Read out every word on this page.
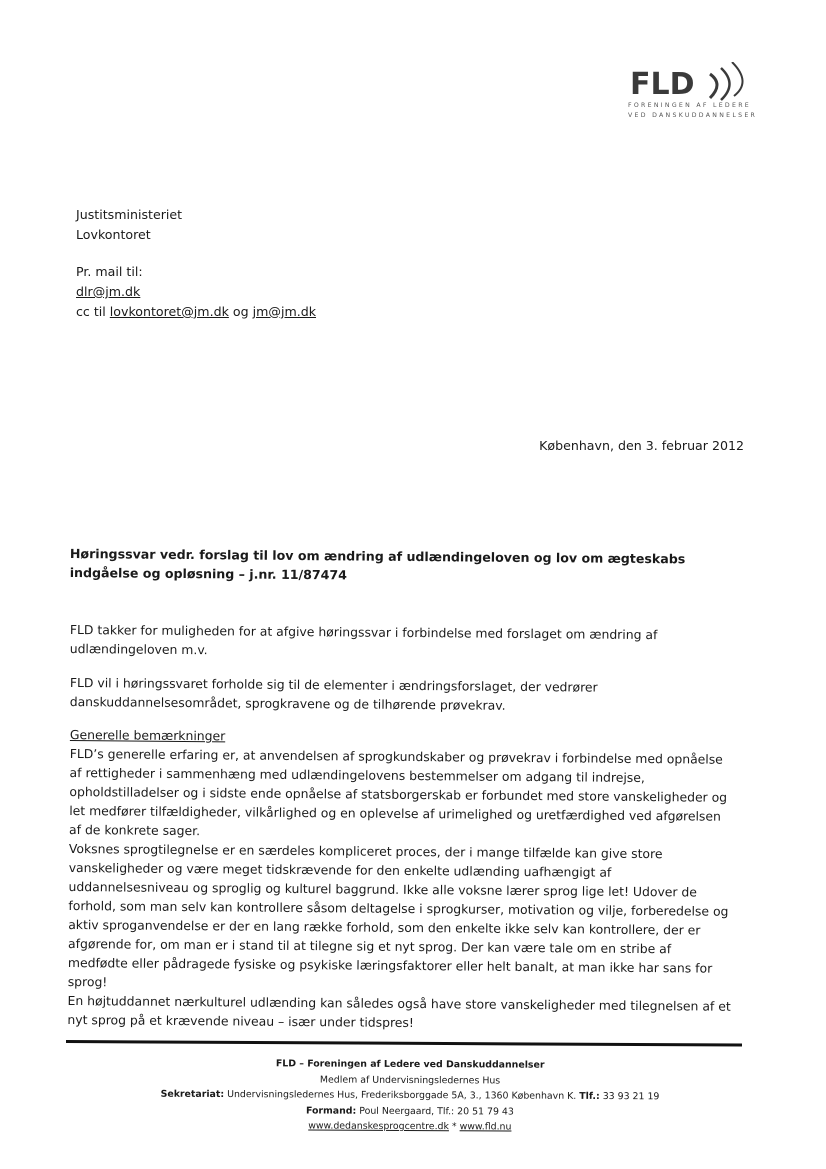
FLD
FORENINGEN AF LEDERE
VED DANSKUDDANNELSER
Justitsministeriet
Lovkontoret
Pr. mail til:
dlr@jm.dk
cc til lovkontoret@jm.dk og jm@jm.dk
København, den 3. februar 2012
Høringssvar vedr. forslag til lov om ændring af udlændingeloven og lov om ægteskabs indgåelse og opløsning – j.nr. 11/87474

FLD takker for muligheden for at afgive høringssvar i forbindelse med forslaget om ændring af udlændingeloven m.v.

FLD vil i høringssvaret forholde sig til de elementer i ændringsforslaget, der vedrører danskuddannelsesområdet, sprogkravene og de tilhørende prøvekrav.

Generelle bemærkninger

FLD’s generelle erfaring er, at anvendelsen af sprogkundskaber og prøvekrav i forbindelse med opnåelse af rettigheder i sammenhæng med udlændingelovens bestemmelser om adgang til indrejse, opholdstilladelser og i sidste ende opnåelse af statsborgerskab er forbundet med store vanskeligheder og let medfører tilfældigheder, vilkårlighed og en oplevelse af urimelighed og uretfærdighed ved afgørelsen af de konkrete sager.

Voksnes sprogtilegnelse er en særdeles kompliceret proces, der i mange tilfælde kan give store vanskeligheder og være meget tidskrævende for den enkelte udlænding uafhængigt af uddannelsesniveau og sproglig og kulturel baggrund. Ikke alle voksne lærer sprog lige let! Udover de forhold, som man selv kan kontrollere såsom deltagelse i sprogkurser, motivation og vilje, forberedelse og aktiv sproganvendelse er der en lang række forhold, som den enkelte ikke selv kan kontrollere, der er afgørende for, om man er i stand til at tilegne sig et nyt sprog. Der kan være tale om en stribe af medfødte eller pådragede fysiske og psykiske læringsfaktorer eller helt banalt, at man ikke har sans for sprog!

En højtuddannet nærkulturel udlænding kan således også have store vanskeligheder med tilegnelsen af et nyt sprog på et krævende niveau – især under tidspres!

FLD – Foreningen af Ledere ved Danskuddannelser
Medlem af Undervisningsledernes Hus
Sekretariat: Undervisningsledernes Hus, Frederiksborggade 5A, 3., 1360 København K. Tlf.: 33 93 21 19
Formand: Poul Neergaard, Tlf.: 20 51 79 43
www.dedanskesprogcentre.dk * www.fld.nu
